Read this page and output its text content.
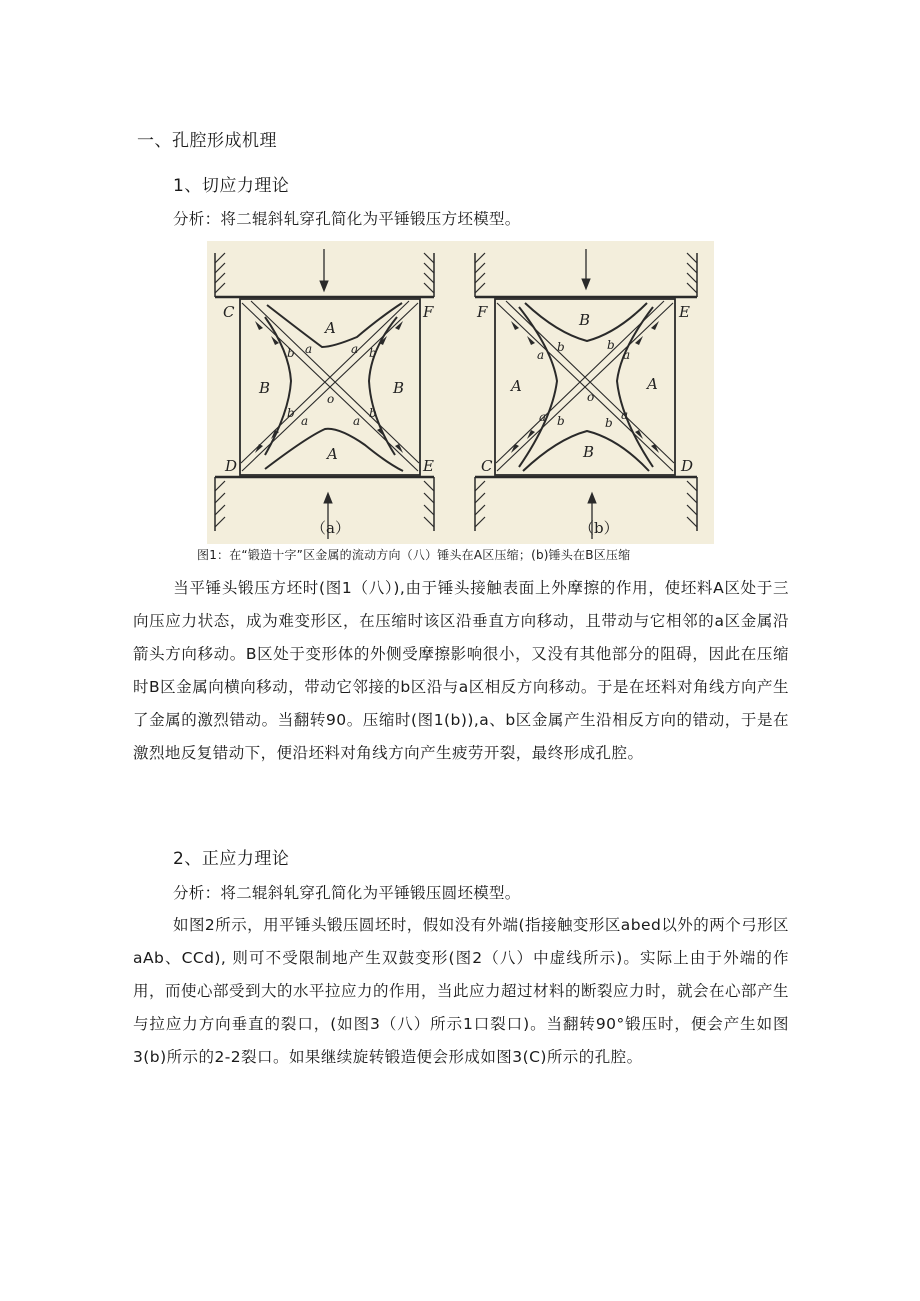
一、孔腔形成机理
1、切应力理论
分析：将二辊斜轧穿孔简化为平锤锻压方坯模型。
C	F
D	E
A
A
B	B
a	a
a	a
b	b
b	b
o
（a）
F	E
C	D
B
B
A	A
a	a
a	a
b	b
b	b
o
（b）
图1：在“锻造十字”区金属的流动方向（八）锤头在A区压缩；(b)锤头在B区压缩
当平锤头锻压方坯时(图1（八）),由于锤头接触表面上外摩擦的作用，使坯料A区处于三向压应力状态，成为难变形区，在压缩时该区沿垂直方向移动，且带动与它相邻的a区金属沿箭头方向移动。B区处于变形体的外侧受摩擦影响很小，又没有其他部分的阻碍，因此在压缩时B区金属向横向移动，带动它邻接的b区沿与a区相反方向移动。于是在坯料对角线方向产生了金属的激烈错动。当翻转90。压缩时(图1(b)),a、b区金属产生沿相反方向的错动，于是在激烈地反复错动下，便沿坯料对角线方向产生疲劳开裂，最终形成孔腔。
2、正应力理论
分析：将二辊斜轧穿孔简化为平锤锻压圆坯模型。
如图2所示，用平锤头锻压圆坯时，假如没有外端(指接触变形区abed以外的两个弓形区aAb、CCd), 则可不受限制地产生双鼓变形(图2（八）中虚线所示)。实际上由于外端的作用，而使心部受到大的水平拉应力的作用，当此应力超过材料的断裂应力时，就会在心部产生与拉应力方向垂直的裂口，(如图3（八）所示1口裂口)。当翻转90°锻压时，便会产生如图3(b)所示的2-2裂口。如果继续旋转锻造便会形成如图3(C)所示的孔腔。
